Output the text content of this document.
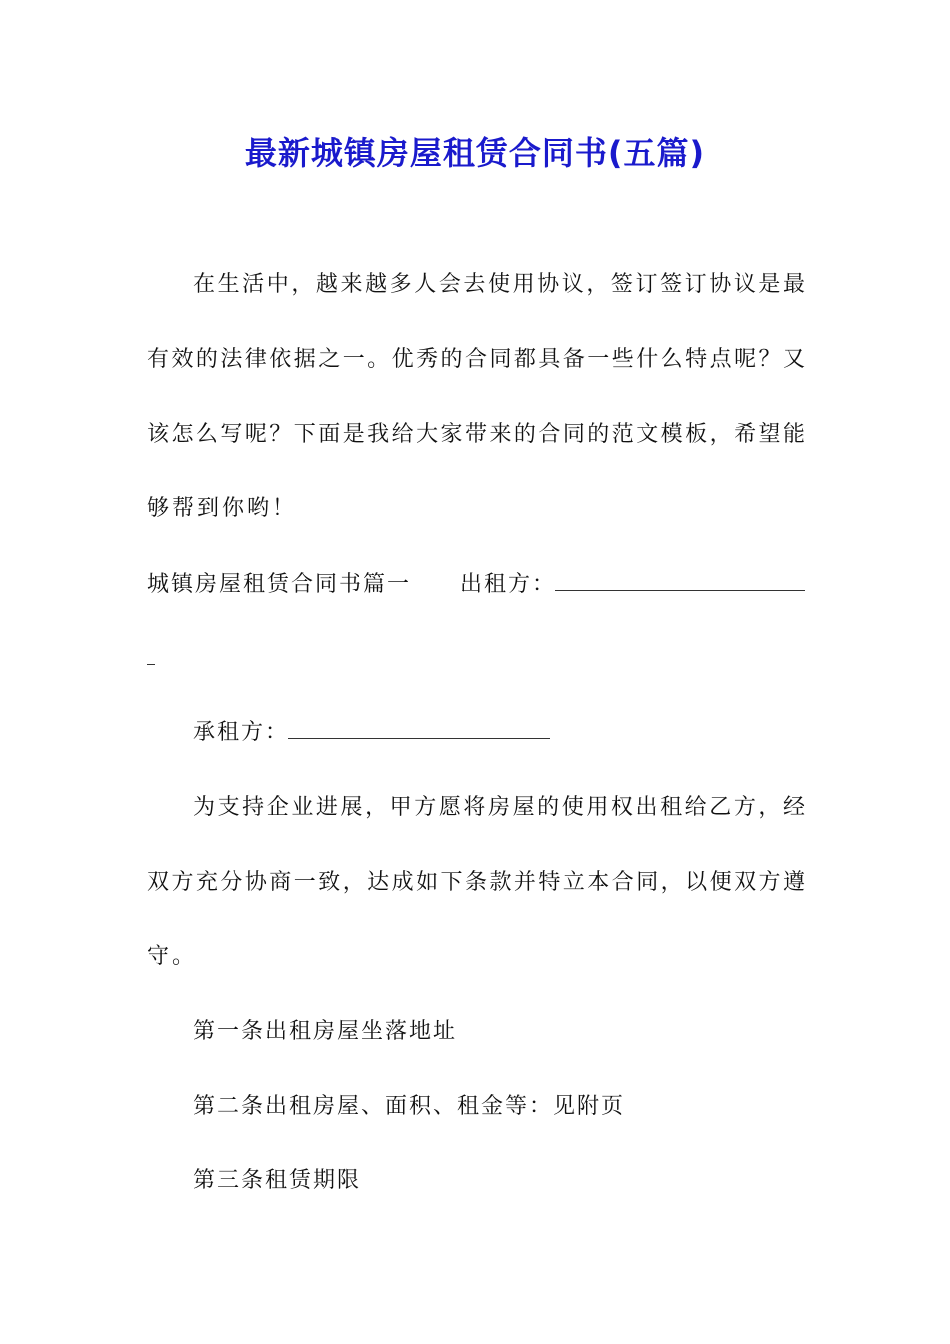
最新城镇房屋租赁合同书(五篇)
在生活中，越来越多人会去使用协议，签订签订协议是最
有效的法律依据之一。优秀的合同都具备一些什么特点呢？又
该怎么写呢？下面是我给大家带来的合同的范文模板，希望能
够帮到你哟！
城镇房屋租赁合同书篇一 出租方：
承租方：
为支持企业进展，甲方愿将房屋的使用权出租给乙方，经
双方充分协商一致，达成如下条款并特立本合同，以便双方遵
守。
第一条出租房屋坐落地址
第二条出租房屋、面积、租金等：见附页
第三条租赁期限
